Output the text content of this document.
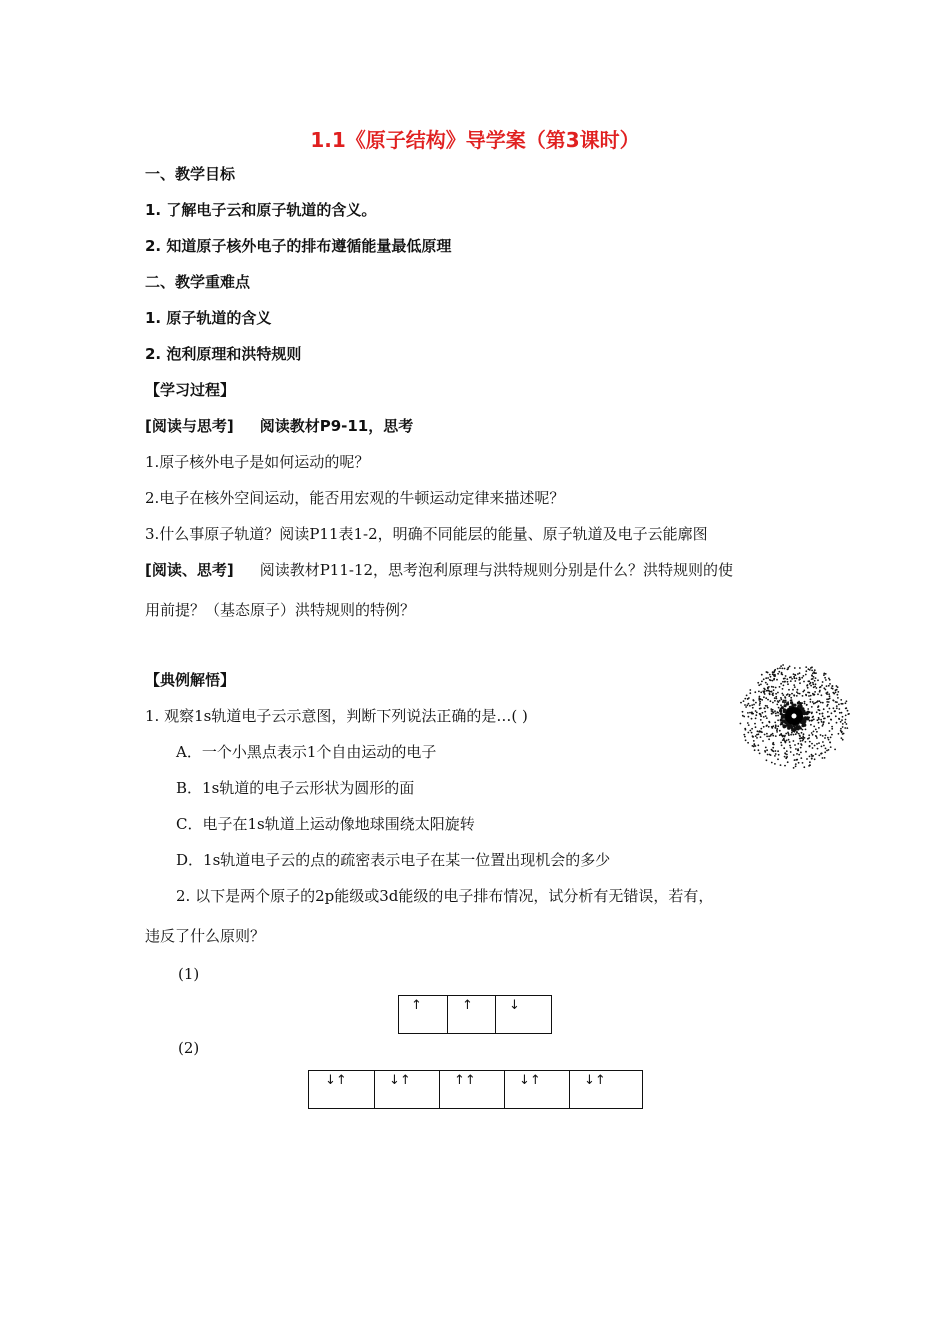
1.1《原子结构》导学案（第3课时）
一、教学目标
1. 了解电子云和原子轨道的含义。
2. 知道原子核外电子的排布遵循能量最低原理
二、教学重难点
1. 原子轨道的含义
2. 泡利原理和洪特规则
【学习过程】
[阅读与思考] 阅读教材P9-11，思考
1.原子核外电子是如何运动的呢？
2.电子在核外空间运动，能否用宏观的牛顿运动定律来描述呢？
3.什么事原子轨道？阅读P11表1-2，明确不同能层的能量、原子轨道及电子云能廓图
[阅读、思考] 阅读教材P11-12，思考泡利原理与洪特规则分别是什么？洪特规则的使
用前提？（基态原子）洪特规则的特例？
【典例解悟】
1. 观察1s轨道电子云示意图，判断下列说法正确的是…( )
A．一个小黑点表示1个自由运动的电子
B．1s轨道的电子云形状为圆形的面
C．电子在1s轨道上运动像地球围绕太阳旋转
D．1s轨道电子云的点的疏密表示电子在某一位置出现机会的多少
2. 以下是两个原子的2p能级或3d能级的电子排布情况，试分析有无错误，若有，
违反了什么原则？
(1)
↑	↑	↓
(2)
↓↑	↓↑	↑↑	↓↑	↓↑
